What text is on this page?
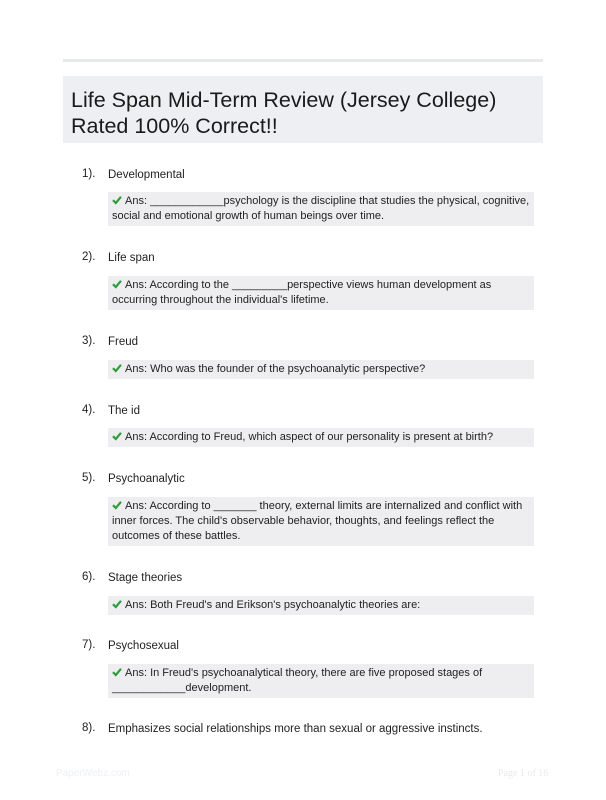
Life Span Mid-Term Review (Jersey College)
Rated 100% Correct!!
1). Developmental
Ans: ____________psychology is the discipline that studies the physical, cognitive, social and emotional growth of human beings over time.
2). Life span
Ans: According to the _________perspective views human development as occurring throughout the individual's lifetime.
3). Freud
Ans: Who was the founder of the psychoanalytic perspective?
4). The id
Ans: According to Freud, which aspect of our personality is present at birth?
5). Psychoanalytic
Ans: According to _______ theory, external limits are internalized and conflict with inner forces. The child's observable behavior, thoughts, and feelings reflect the outcomes of these battles.
6). Stage theories
Ans: Both Freud's and Erikson's psychoanalytic theories are:
7). Psychosexual
Ans: In Freud's psychoanalytical theory, there are five proposed stages of ____________development.
8). Emphasizes social relationships more than sexual or aggressive instincts.
PaperWebz.com	Page 1 of 16
